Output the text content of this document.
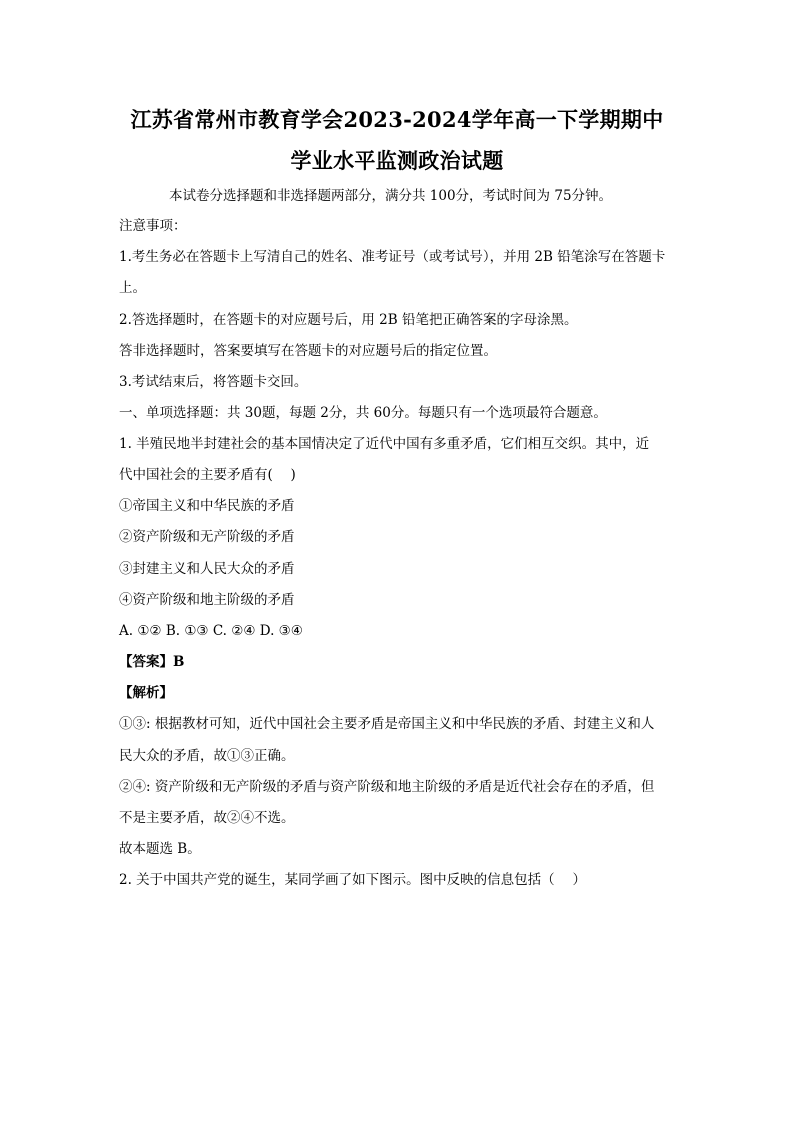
江苏省常州市教育学会2023-2024学年高一下学期期中
学业水平监测政治试题
本试卷分选择题和非选择题两部分，满分共 100分，考试时间为 75分钟。
注意事项：
1.考生务必在答题卡上写清自己的姓名、准考证号（或考试号），并用 2B 铅笔涂写在答题卡
上。
2.答选择题时，在答题卡的对应题号后，用 2B 铅笔把正确答案的字母涂黑。
答非选择题时，答案要填写在答题卡的对应题号后的指定位置。
3.考试结束后，将答题卡交回。
一、单项选择题：共 30题，每题 2分，共 60分。每题只有一个选项最符合题意。
1. 半殖民地半封建社会的基本国情决定了近代中国有多重矛盾，它们相互交织。其中，近
代中国社会的主要矛盾有(　 )
①帝国主义和中华民族的矛盾
②资产阶级和无产阶级的矛盾
③封建主义和人民大众的矛盾
④资产阶级和地主阶级的矛盾
A. ①② B. ①③ C. ②④ D. ③④
【答案】B
【解析】
①③: 根据教材可知，近代中国社会主要矛盾是帝国主义和中华民族的矛盾、封建主义和人
民大众的矛盾，故①③正确。
②④: 资产阶级和无产阶级的矛盾与资产阶级和地主阶级的矛盾是近代社会存在的矛盾，但
不是主要矛盾，故②④不选。
故本题选 B。
2. 关于中国共产党的诞生，某同学画了如下图示。图中反映的信息包括（　 ）
